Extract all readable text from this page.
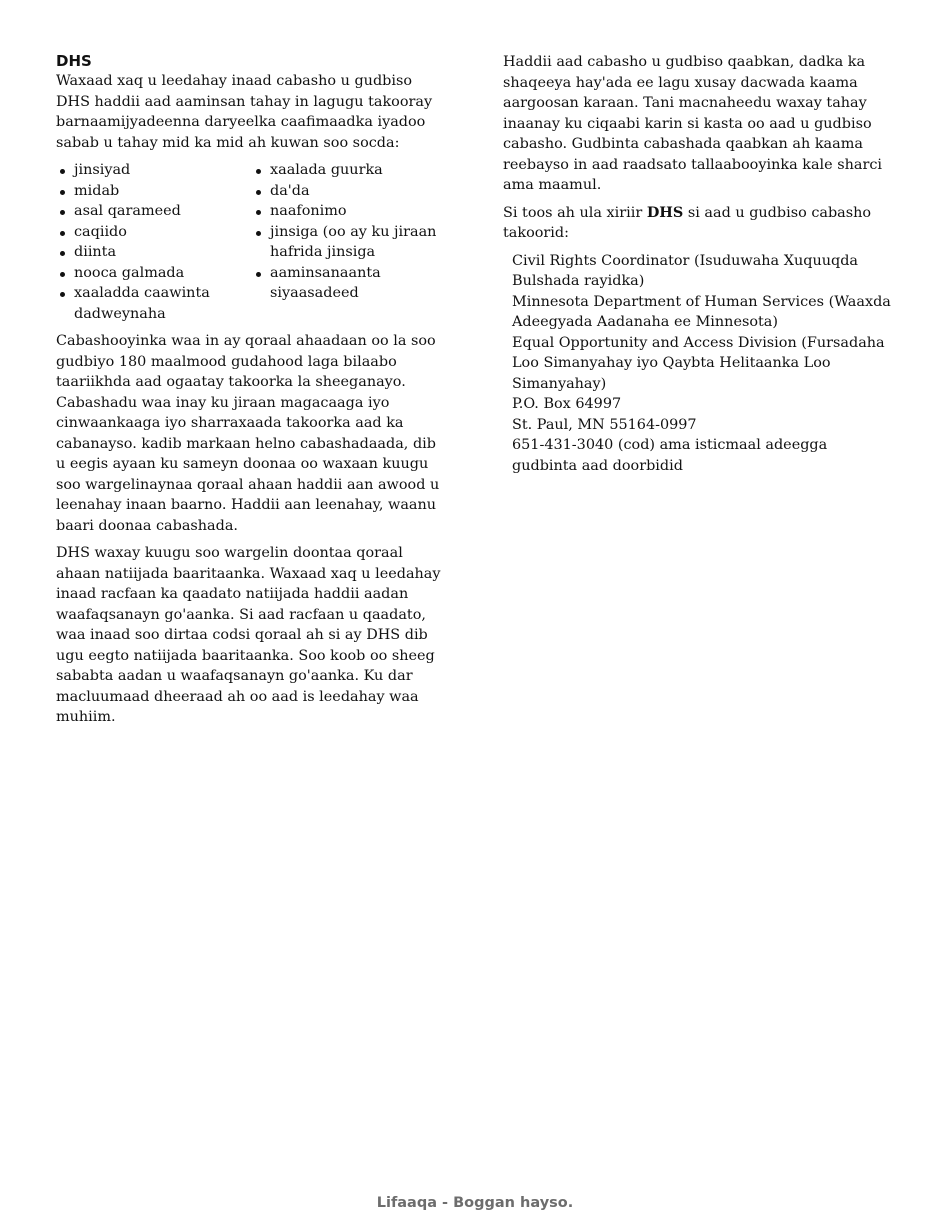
DHS

Waxaad xaq u leedahay inaad cabasho u gudbiso DHS haddii aad aaminsan tahay in lagugu takooray barnaamijyadeenna daryeelka caafimaadka iyadoo sabab u tahay mid ka mid ah kuwan soo socda:

jinsiyad
midab
asal qarameed
caqiido
diinta
nooca galmada
xaaladda caawinta dadweynaha
xaalada guurka
da'da
naafonimo
jinsiga (oo ay ku jiraan hafrida jinsiga
aaminsanaanta siyaasadeed

Cabashooyinka waa in ay qoraal ahaadaan oo la soo gudbiyo 180 maalmood gudahood laga bilaabo taariikhda aad ogaatay takoorka la sheeganayo. Cabashadu waa inay ku jiraan magacaaga iyo cinwaankaaga iyo sharraxaada takoorka aad ka cabanayso. kadib markaan helno cabashadaada, dib u eegis ayaan ku sameyn doonaa oo waxaan kuugu soo wargelinaynaa qoraal ahaan haddii aan awood u leenahay inaan baarno. Haddii aan leenahay, waanu baari doonaa cabashada.

DHS waxay kuugu soo wargelin doontaa qoraal ahaan natiijada baaritaanka. Waxaad xaq u leedahay inaad racfaan ka qaadato natiijada haddii aadan waafaqsanayn go'aanka. Si aad racfaan u qaadato, waa inaad soo dirtaa codsi qoraal ah si ay DHS dib ugu eegto natiijada baaritaanka. Soo koob oo sheeg sababta aadan u waafaqsanayn go'aanka. Ku dar macluumaad dheeraad ah oo aad is leedahay waa muhiim.

Haddii aad cabasho u gudbiso qaabkan, dadka ka shaqeeya hay'ada ee lagu xusay dacwada kaama aargoosan karaan. Tani macnaheedu waxay tahay inaanay ku ciqaabi karin si kasta oo aad u gudbiso cabasho. Gudbinta cabashada qaabkan ah kaama reebayso in aad raadsato tallaabooyinka kale sharci ama maamul.

Si toos ah ula xiriir DHS si aad u gudbiso cabasho takoorid:

Civil Rights Coordinator (Isuduwaha Xuquuqda Bulshada rayidka)
Minnesota Department of Human Services (Waaxda Adeegyada Aadanaha ee Minnesota)
Equal Opportunity and Access Division (Fursadaha Loo Simanyahay iyo Qaybta Helitaanka Loo Simanyahay)
P.O. Box 64997
St. Paul, MN 55164-0997
651-431-3040 (cod) ama isticmaal adeegga gudbinta aad doorbidid
Lifaaqa - Boggan hayso.
